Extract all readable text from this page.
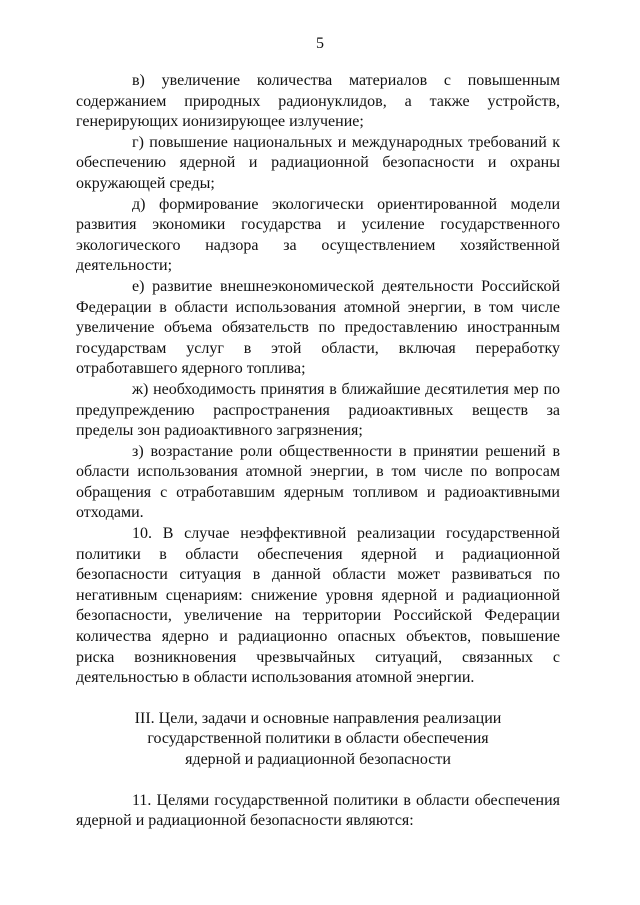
5

в) увеличение количества материалов с повышенным содержанием природных радионуклидов, а также устройств, генерирующих ионизирующее излучение;

г) повышение национальных и международных требований к обеспечению ядерной и радиационной безопасности и охраны окружающей среды;

д) формирование экологически ориентированной модели развития экономики государства и усиление государственного экологического надзора за осуществлением хозяйственной деятельности;

е) развитие внешнеэкономической деятельности Российской Федерации в области использования атомной энергии, в том числе увеличение объема обязательств по предоставлению иностранным государствам услуг в этой области, включая переработку отработавшего ядерного топлива;

ж) необходимость принятия в ближайшие десятилетия мер по предупреждению распространения радиоактивных веществ за пределы зон радиоактивного загрязнения;

з) возрастание роли общественности в принятии решений в области использования атомной энергии, в том числе по вопросам обращения с отработавшим ядерным топливом и радиоактивными отходами.

10. В случае неэффективной реализации государственной политики в области обеспечения ядерной и радиационной безопасности ситуация в данной области может развиваться по негативным сценариям: снижение уровня ядерной и радиационной безопасности, увеличение на территории Российской Федерации количества ядерно и радиационно опасных объектов, повышение риска возникновения чрезвычайных ситуаций, связанных с деятельностью в области использования атомной энергии.

III. Цели, задачи и основные направления реализации
государственной политики в области обеспечения
ядерной и радиационной безопасности

11. Целями государственной политики в области обеспечения ядерной и радиационной безопасности являются:
